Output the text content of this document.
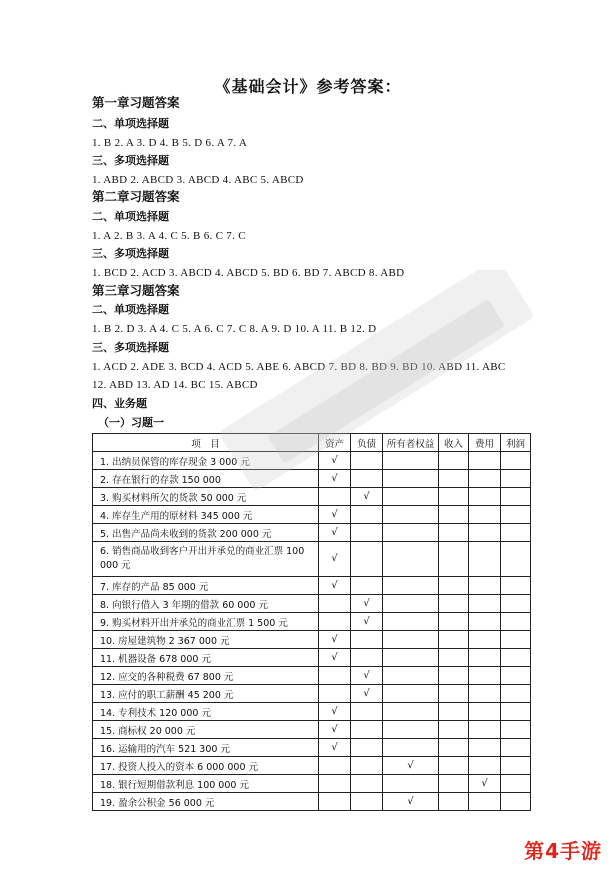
《基础会计》参考答案：
第一章习题答案
二、单项选择题
1. B 2. A 3. D 4. B 5. D 6. A 7. A
三、多项选择题
1. ABD 2. ABCD 3. ABCD 4. ABC 5. ABCD
第二章习题答案
二、单项选择题
1. A 2. B 3. A 4. C 5. B 6. C 7. C
三、多项选择题
1. BCD 2. ACD 3. ABCD 4. ABCD 5. BD 6. BD 7. ABCD 8. ABD
第三章习题答案
二、单项选择题
1. B 2. D 3. A 4. C 5. A 6. C 7. C 8. A 9. D 10. A 11. B 12. D
三、多项选择题
1. ACD 2. ADE 3. BCD 4. ACD 5. ABE 6. ABCD 7. BD 8. BD 9. BD 10. ABD 11. ABC
12. ABD 13. AD 14. BC 15. ABCD
四、业务题
（一）习题一
项　目	资产	负债	所有者权益	收入	费用	利润
1. 出纳员保管的库存现金 3 000 元	√					
2. 存在银行的存款 150 000	√					
3. 购买材料所欠的货款 50 000 元		√				
4. 库存生产用的原材料 345 000 元	√					
5. 出售产品尚未收到的货款 200 000 元	√					
6. 销售商品收到客户开出并承兑的商业汇票 100 000 元	√					
7. 库存的产品 85 000 元	√					
8. 向银行借入 3 年期的借款 60 000 元		√				
9. 购买材料开出并承兑的商业汇票 1 500 元		√				
10. 房屋建筑物 2 367 000 元	√					
11. 机器设备 678 000 元	√					
12. 应交的各种税费 67 800 元		√				
13. 应付的职工薪酬 45 200 元		√				
14. 专利技术 120 000 元	√					
15. 商标权 20 000 元	√					
16. 运输用的汽车 521 300 元	√					
17. 投资人投入的资本 6 000 000 元			√			
18. 银行短期借款利息 100 000 元					√	
19. 盈余公积金 56 000 元			√			
第4手游
